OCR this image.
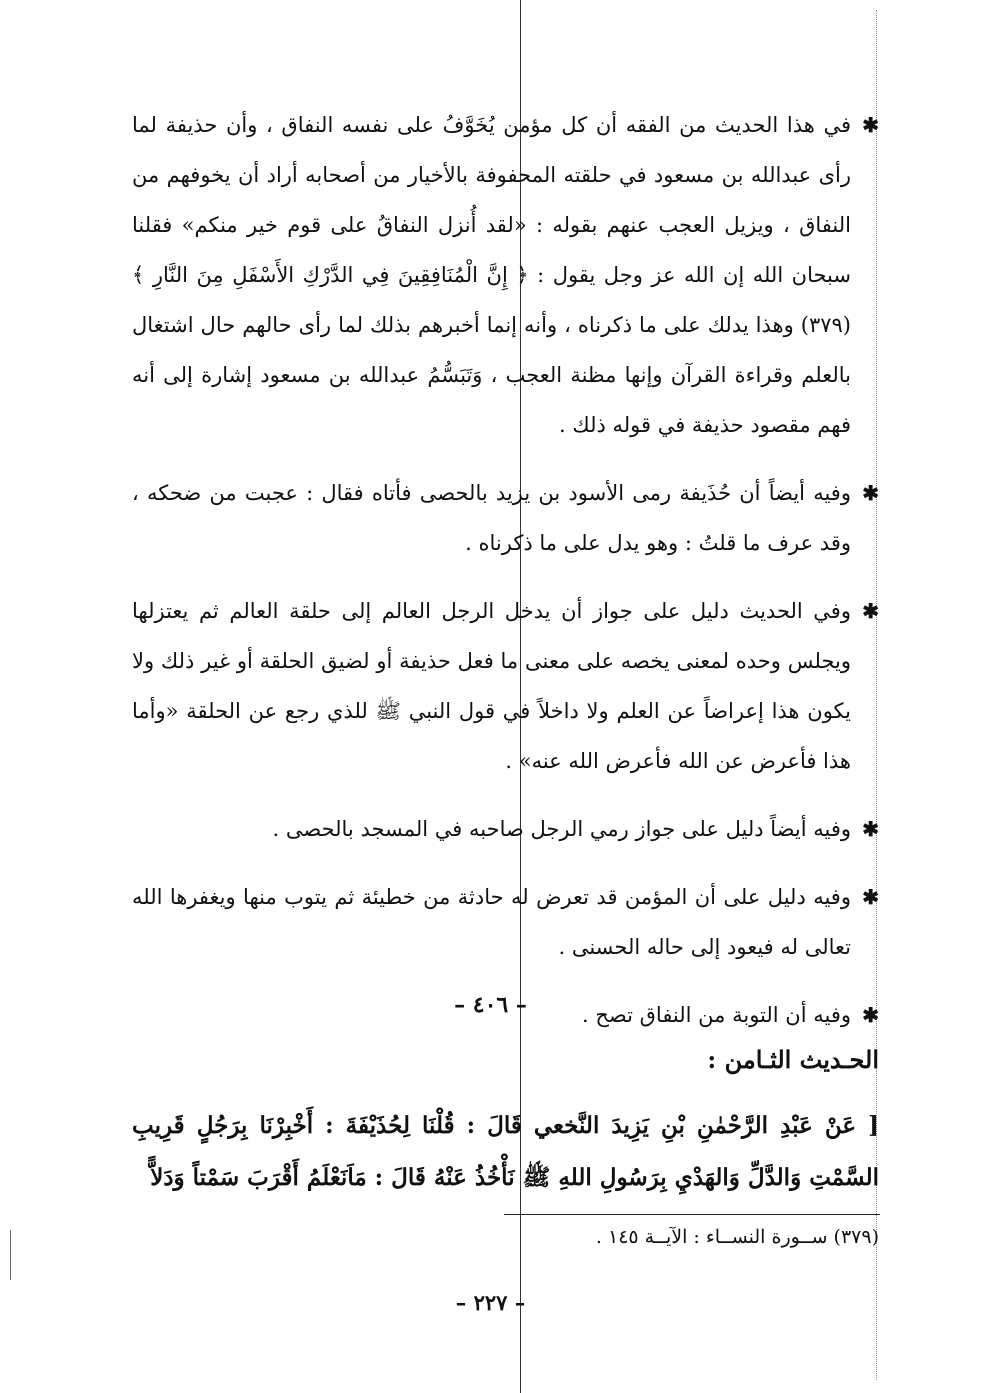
✱
في هذا الحديث من الفقه أن كل مؤمن يُخَوَّفُ على نفسه النفاق ، وأن حذيفة لما رأى عبدالله بن مسعود في حلقته المحفوفة بالأخيار من أصحابه أراد أن يخوفهم من النفاق ، ويزيل العجب عنهم بقوله : «لقد أُنزل النفاقُ على قوم خير منكم» فقلنا سبحان الله إن الله عز وجل يقول : ﴿ إِنَّ الْمُنَافِقِينَ فِي الدَّرْكِ الأَسْفَلِ مِنَ النَّارِ ﴾(٣٧٩) وهذا يدلك على ما ذكرناه ، وأنه إنما أخبرهم بذلك لما رأى حالهم حال اشتغال بالعلم وقراءة القرآن وإنها مظنة العجب ، وَتَبَسُّمُ عبدالله بن مسعود إشارة إلى أنه فهم مقصود حذيفة في قوله ذلك .
✱
وفيه أيضاً أن حُذَيفة رمى الأسود بن يزيد بالحصى فأتاه فقال : عجبت من ضحكه ، وقد عرف ما قلتُ : وهو يدل على ما ذكرناه .
✱
وفي الحديث دليل على جواز أن يدخل الرجل العالم إلى حلقة العالم ثم يعتزلها ويجلس وحده لمعنى يخصه على معنى ما فعل حذيفة أو لضيق الحلقة أو غير ذلك ولا يكون هذا إعراضاً عن العلم ولا داخلاً في قول النبي ﷺ للذي رجع عن الحلقة «وأما هذا فأعرض عن الله فأعرض الله عنه» .
✱
وفيه أيضاً دليل على جواز رمي الرجل صاحبه في المسجد بالحصى .
✱
وفيه دليل على أن المؤمن قد تعرض له حادثة من خطيئة ثم يتوب منها ويغفرها الله تعالى له فيعود إلى حاله الحسنى .
✱
وفيه أن التوبة من النفاق تصح .
– ٤٠٦ –
الحـديث الثـامن :
[ عَنْ عَبْدِ الرَّحْمٰنِ بْنِ يَزِيدَ النَّخعي قَالَ : قُلْنَا لِحُذَيْفَةَ : أَخْبِرْنَا بِرَجُلٍ قَرِيبِ السَّمْتِ وَالدَّلِّ وَالهَدْيِ بِرَسُولِ اللهِ ﷺ نَأْخُذُ عَنْهُ قَالَ : مَاَنَعْلَمُ أَقْرَبَ سَمْتاً وَدَلاًّ
(٣٧٩) ســورة النســاء : الآيــة ١٤٥ .
– ٢٢٧ –
